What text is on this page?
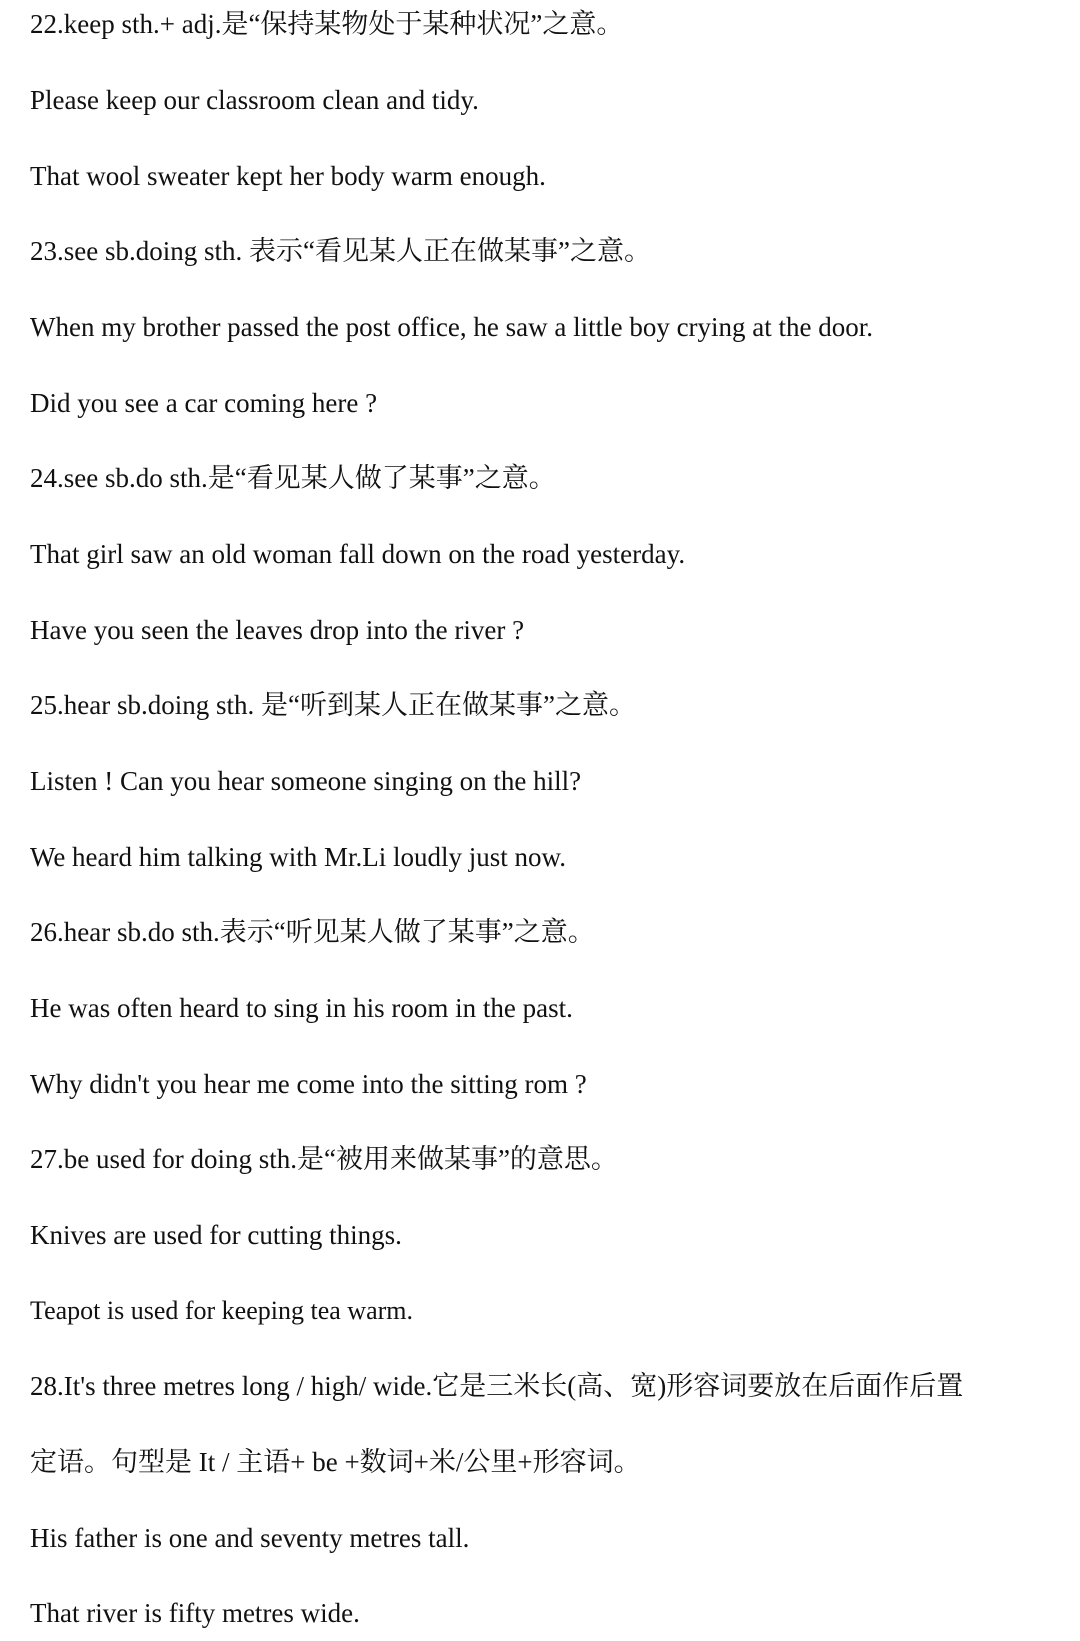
22.keep sth.+ adj.是“保持某物处于某种状况”之意。
Please keep our classroom clean and tidy.
That wool sweater kept her body warm enough.
23.see sb.doing sth. 表示“看见某人正在做某事”之意。
When my brother passed the post office, he saw a little boy crying at the door.
Did you see a car coming here ?
24.see sb.do sth.是“看见某人做了某事”之意。
That girl saw an old woman fall down on the road yesterday.
Have you seen the leaves drop into the river ?
25.hear sb.doing sth. 是“听到某人正在做某事”之意。
Listen ! Can you hear someone singing on the hill?
We heard him talking with Mr.Li loudly just now.
26.hear sb.do sth.表示“听见某人做了某事”之意。
He was often heard to sing in his room in the past.
Why didn't you hear me come into the sitting rom ?
27.be used for doing sth.是“被用来做某事”的意思。
Knives are used for cutting things.
Teapot is used for keeping tea warm.
28.It's three metres long / high/ wide.它是三米长(高、宽)形容词要放在后面作后置
定语。句型是 It / 主语+ be +数词+米/公里+形容词。
His father is one and seventy metres tall.
That river is fifty metres wide.
